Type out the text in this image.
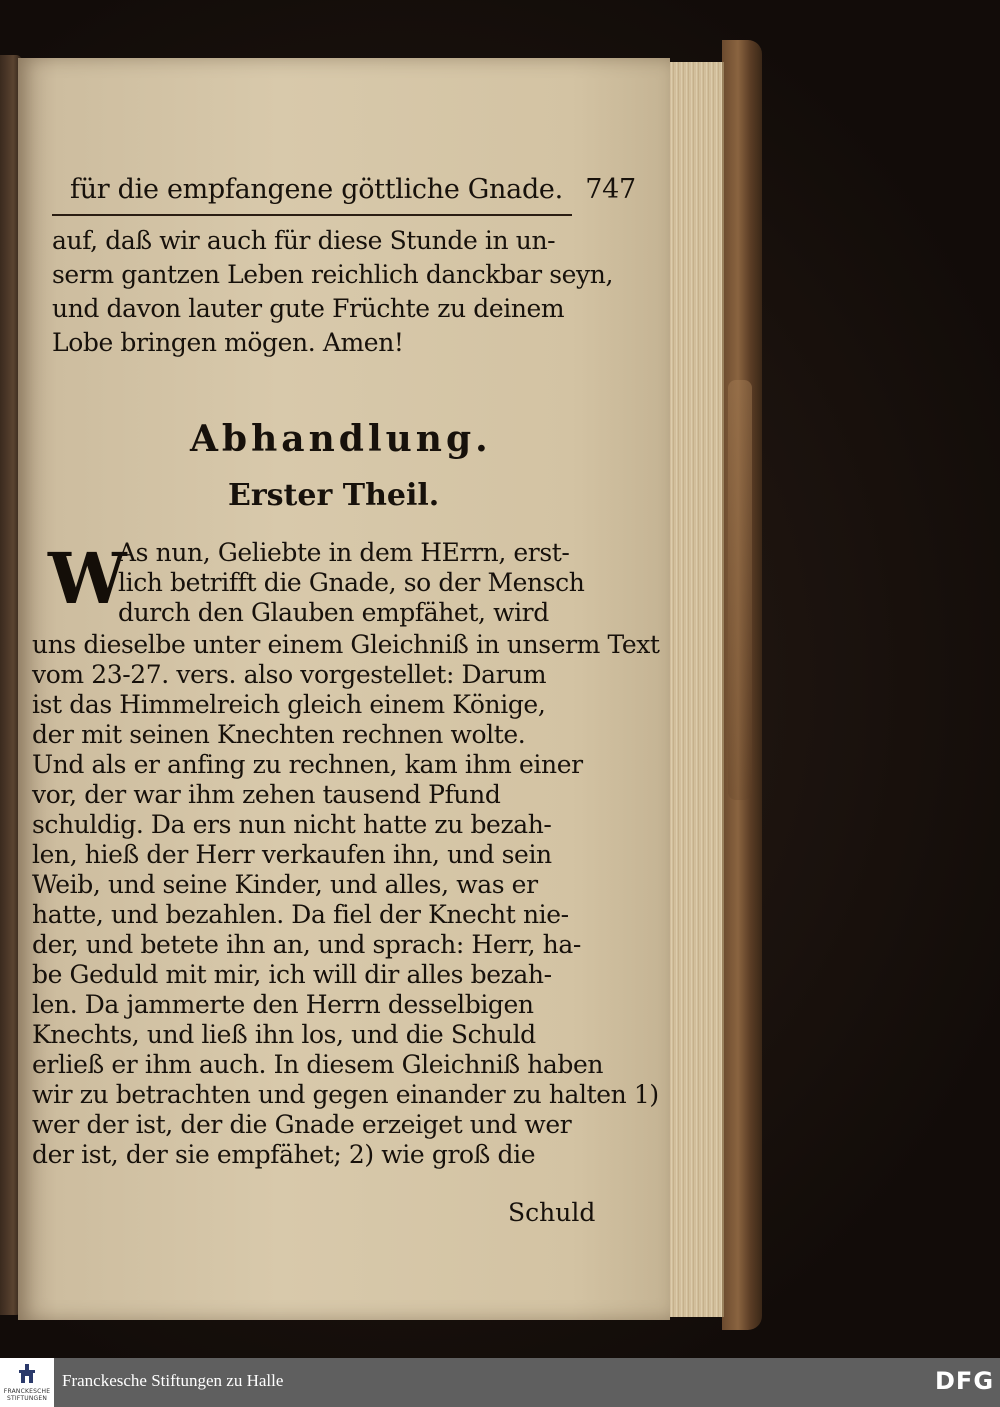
für die empfangene göttliche Gnade. 747
auf, daß wir auch für diese Stunde in un-
serm gantzen Leben reichlich danckbar seyn,
und davon lauter gute Früchte zu deinem
Lobe bringen mögen. Amen!
Abhandlung.
Erster Theil.
W
As nun, Geliebte in dem HErrn, erst-
lich betrifft die Gnade, so der Mensch
durch den Glauben empfähet, wird
uns dieselbe unter einem Gleichniß in unserm Text
vom 23-27. vers. also vorgestellet: Darum
ist das Himmelreich gleich einem Könige,
der mit seinen Knechten rechnen wolte.
Und als er anfing zu rechnen, kam ihm einer
vor, der war ihm zehen tausend Pfund
schuldig. Da ers nun nicht hatte zu bezah-
len, hieß der Herr verkaufen ihn, und sein
Weib, und seine Kinder, und alles, was er
hatte, und bezahlen. Da fiel der Knecht nie-
der, und betete ihn an, und sprach: Herr, ha-
be Geduld mit mir, ich will dir alles bezah-
len. Da jammerte den Herrn desselbigen
Knechts, und ließ ihn los, und die Schuld
erließ er ihm auch. In diesem Gleichniß haben
wir zu betrachten und gegen einander zu halten 1)
wer der ist, der die Gnade erzeiget und wer
der ist, der sie empfähet; 2) wie groß die
Schuld
FRANCKESCHE STIFTUNGEN
Franckesche Stiftungen zu Halle	DFG
